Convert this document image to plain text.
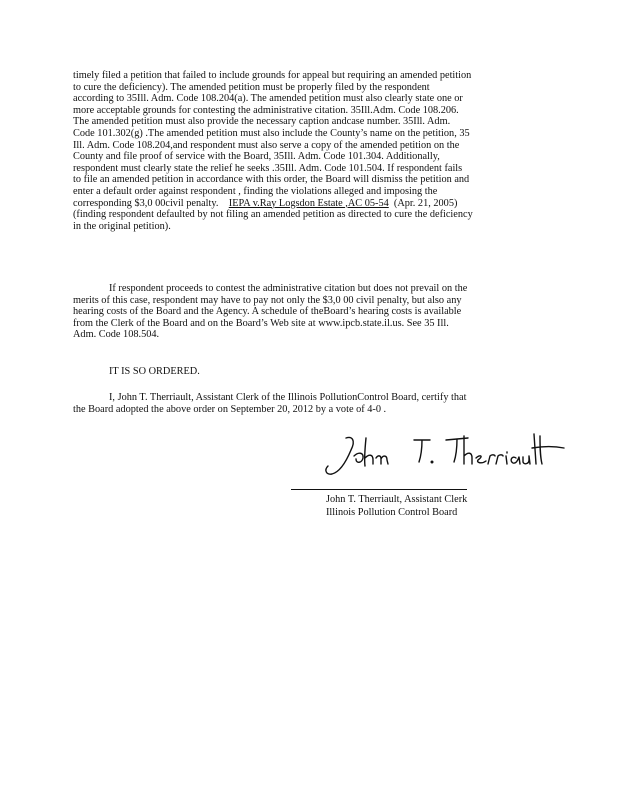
timely filed a petition that failed to include grounds for appeal but requiring an amended petition
to cure the deficiency). The amended petition must be properly filed by the respondent
according to 35Ill. Adm. Code 108.204(a). The amended petition must also clearly state one or
more acceptable grounds for contesting the administrative citation. 35Ill.Adm. Code 108.206.
The amended petition must also provide the necessary caption andcase number. 35Ill. Adm.
Code 101.302(g) .The amended petition must also include the County’s name on the petition, 35
Ill. Adm. Code 108.204,and respondent must also serve a copy of the amended petition on the
County and file proof of service with the Board, 35Ill. Adm. Code 101.304. Additionally,
respondent must clearly state the relief he seeks .35Ill. Adm. Code 101.504. If respondent fails
to file an amended petition in accordance with this order, the Board will dismiss the petition and
enter a default order against respondent , finding the violations alleged and imposing the
corresponding $3,0 00civil penalty. IEPA v.Ray Logsdon Estate ,AC 05-54 (Apr. 21, 2005)
(finding respondent defaulted by not filing an amended petition as directed to cure the deficiency
in the original petition).
If respondent proceeds to contest the administrative citation but does not prevail on the
merits of this case, respondent may have to pay not only the $3,0 00 civil penalty, but also any
hearing costs of the Board and the Agency. A schedule of theBoard’s hearing costs is available
from the Clerk of the Board and on the Board’s Web site at www.ipcb.state.il.us. See 35 Ill.
Adm. Code 108.504.
IT IS SO ORDERED.
I, John T. Therriault, Assistant Clerk of the Illinois PollutionControl Board, certify that
the Board adopted the above order on September 20, 2012 by a vote of 4-0 .
John T. Therriault, Assistant Clerk
Illinois Pollution Control Board
